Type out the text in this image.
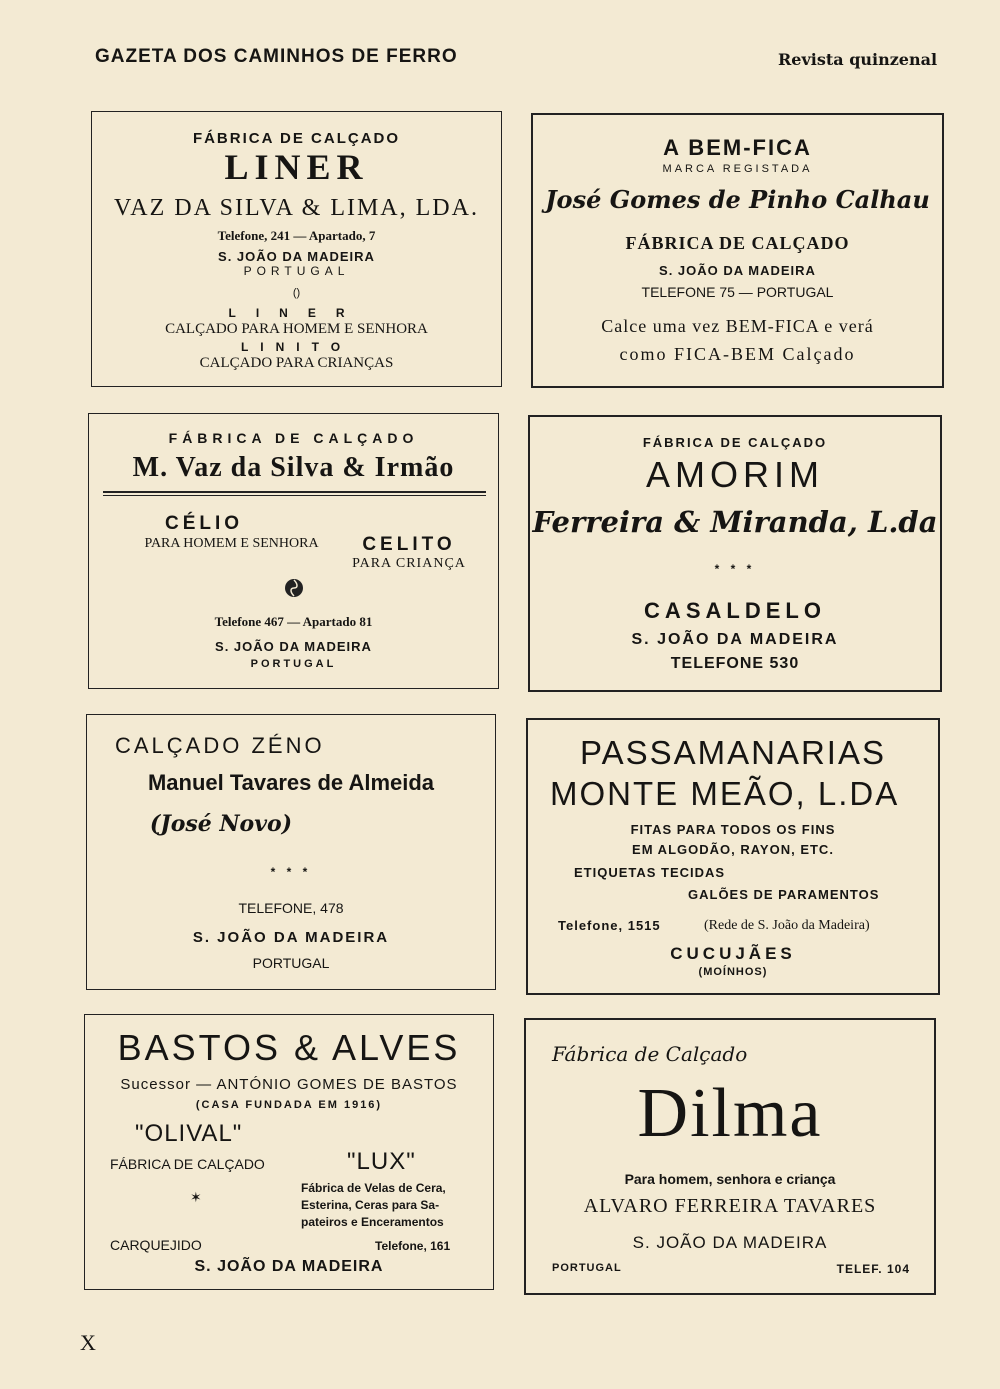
GAZETA DOS CAMINHOS DE FERRO	Revista quinzenal
FÁBRICA DE CALÇADO
LINER
VAZ DA SILVA & LIMA, LDA.
Telefone, 241 — Apartado, 7
S. JOÃO DA MADEIRA
PORTUGAL
()
LINER
CALÇADO PARA HOMEM E SENHORA
LINITO
CALÇADO PARA CRIANÇAS
A BEM-FICA
MARCA REGISTADA
José Gomes de Pinho Calhau
FÁBRICA DE CALÇADO
S. JOÃO DA MADEIRA
TELEFONE 75 — PORTUGAL
Calce uma vez BEM-FICA e verá
como FICA-BEM Calçado
FÁBRICA DE CALÇADO
M. Vaz da Silva & Irmão
CÉLIO
PARA HOMEM E SENHORA	CELITO
PARA CRIANÇA
Telefone 467 — Apartado 81
S. JOÃO DA MADEIRA
PORTUGAL
FÁBRICA DE CALÇADO
AMORIM
Ferreira & Miranda, L.da
* * *
CASALDELO
S. JOÃO DA MADEIRA
TELEFONE 530
CALÇADO ZÉNO
Manuel Tavares de Almeida
(José Novo)
* * *
TELEFONE, 478
S. JOÃO DA MADEIRA
PORTUGAL
PASSAMANARIAS
MONTE MEÃO, L.DA
FITAS PARA TODOS OS FINS
EM ALGODÃO, RAYON, ETC.
ETIQUETAS TECIDAS
GALÕES DE PARAMENTOS
Telefone, 1515	(Rede de S. João da Madeira)
CUCUJÃES
(MOÍNHOS)
BASTOS & ALVES
Sucessor — ANTÓNIO GOMES DE BASTOS
(CASA FUNDADA EM 1916)
"OLIVAL"
FÁBRICA DE CALÇADO	"LUX"
✶
Fábrica de Velas de Cera,
Esterina, Ceras para Sa-
pateiros e Enceramentos
CARQUEJIDO	Telefone, 161
S. JOÃO DA MADEIRA
Fábrica de Calçado
Dilma
Para homem, senhora e criança
ALVARO FERREIRA TAVARES
S. JOÃO DA MADEIRA
PORTUGAL	TELEF. 104
X
